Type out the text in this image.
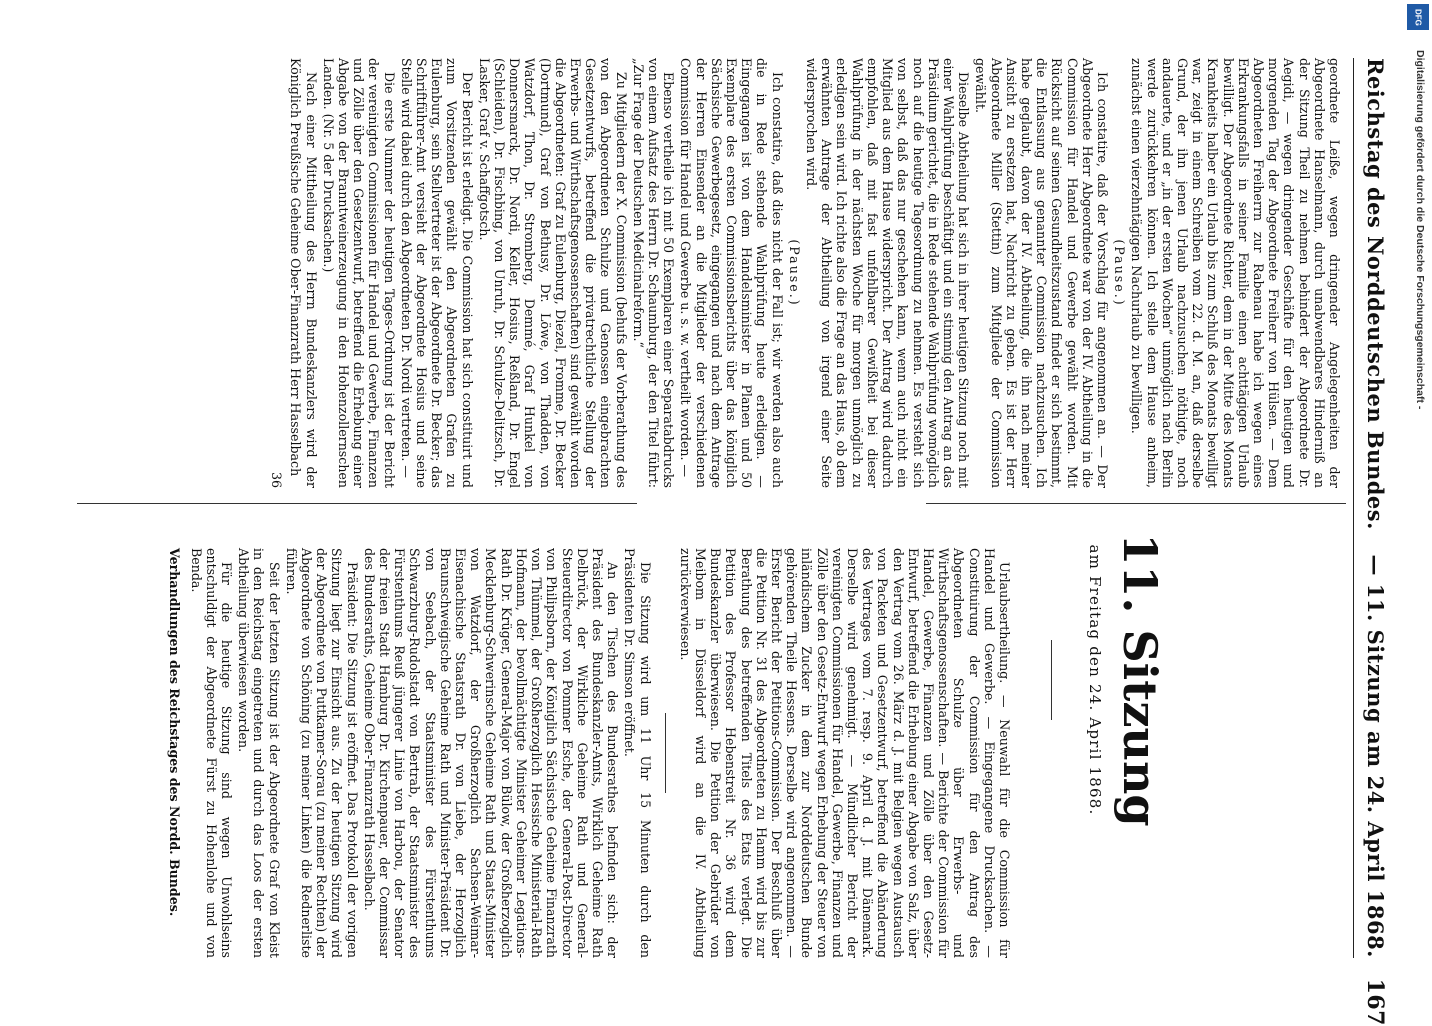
Reichstag des Norddeutschen Bundes.
— 11. Sitzung am 24. April 1868.
167
11. Sitzung
am Freitag den 24. April 1868.

Urlaubsertheilung. — Neuwahl für die Commission für Handel und Gewerbe. — Eingegangene Drucksachen. — Constituirung der Commission für den Antrag des Abgeordneten Schulze über Erwerbs- und Wirthschaftsgenossenschaften. — Berichte der Commission für Handel, Gewerbe, Finanzen und Zölle über den Gesetz-Entwurf, betreffend die Erhebung einer Abgabe von Salz, über den Vertrag vom 26. März d. J. mit Belgien wegen Austausch von Packeten und Gesetzentwurf, betreffend die Abänderung des Vertrages vom 7. resp. 9. April d. J. mit Dänemark. Derselbe wird genehmigt. — Mündlicher Bericht der vereinigten Commissionen für Handel, Gewerbe, Finanzen und Zölle über den Gesetz-Entwurf wegen Erhebung der Steuer von inländischem Zucker in dem zur Norddeutschen Bunde gehörenden Theile Hessens. Derselbe wird angenommen. — Erster Bericht der Petitions-Commission. Der Beschluß über die Petition Nr. 31 des Abgeordneten zu Hamm wird bis zur Berathung des betreffenden Titels des Etats verlegt. Die Petition des Professor Hebenstreit Nr. 36 wird dem Bundeskanzler überwiesen. Die Petition der Gebrüder von Meibom in Düsseldorf wird an die IV. Abtheilung zurückverwiesen.

Die Sitzung wird um 11 Uhr 15 Minuten durch den Präsidenten Dr. Simson eröffnet.

An den Tischen des Bundesrathes befinden sich: der Präsident des Bundeskanzler-Amts, Wirklich Geheime Rath Delbrück, der Wirkliche Geheime Rath und General-Steuerdirector von Pommer Esche, der General-Post-Director von Philipsborn, der Königlich Sächsische Geheime Finanzrath von Thümmel, der Großherzoglich Hessische Ministerial-Rath Hofmann, der bevollmächtigte Minister Geheimer Legations-Rath Dr. Krüger, General-Major von Bülow, der Großherzoglich Mecklenburg-Schwerinsche Geheime Rath und Staats-Minister von Watzdorf, der Großherzoglich Sachsen-Weimar-Eisenachische Staatsrath Dr. von Liebe, der Herzoglich Braunschweigische Geheime Rath und Minister-Präsident Dr. von Seebach, der Staatsminister des Fürstenthums Schwarzburg-Rudolstadt von Bertrab, der Staatsminister des Fürstenthums Reuß jüngerer Linie von Harbou, der Senator der freien Stadt Hamburg Dr. Kirchenpauer, der Commissar des Bundesraths, Geheime Ober-Finanzrath Hasselbach.

Präsident: Die Sitzung ist eröffnet. Das Protokoll der vorigen Sitzung liegt zur Einsicht aus. Zu der heutigen Sitzung wird der Abgeordnete von Puttkamer-Sorau (zu meiner Rechten) der Abgeordnete von Schöning (zu meiner Linken) die Rednerliste führen.

Seit der letzten Sitzung ist der Abgeordnete Graf von Kleist in den Reichstag eingetreten und durch das Loos der ersten Abtheilung überwiesen worden.

Für die heutige Sitzung sind wegen Unwohlseins entschuldigt der Abgeordnete Fürst zu Hohenlohe und von Benda.

Verhandlungen des Reichstages des Nordd. Bundes.

geordnete Leiße, wegen dringender Angelegenheiten der Abgeordnete Hanselmann, durch unabwendbares Hinderniß an der Sitzung Theil zu nehmen behindert der Abgeordnete Dr. Aegidi, — wegen dringender Geschäfte für den heutigen und morgenden Tag der Abgeordnete Freiherr von Hülsen. — Dem Abgeordneten Freiherrn zur Rabenau habe ich wegen eines Erkrankungsfalls in seiner Familie einen achttägigen Urlaub bewilligt. Der Abgeordnete Richter, dem in der Mitte des Monats Krankheits halber ein Urlaub bis zum Schluß des Monats bewilligt war, zeigt in einem Schreiben vom 22. d. M. an, daß derselbe Grund, der ihn jenen Urlaub nachzusuchen nöthigte, noch andauerte, und er „in der ersten Wochen“ unmöglich nach Berlin werde zurückkehren können. Ich stelle dem Hause anheim, zunächst einen vierzehntägigen Nachurlaub zu bewilligen.

(Pause.)

Ich constatire, daß der Vorschlag für angenommen an. — Der Abgeordnete Herr Abgeordnete war von der IV. Abtheilung in die Commission für Handel und Gewerbe gewählt worden. Mit Rücksicht auf seinen Gesundheitszustand findet er sich bestimmt, die Entlassung aus genannter Commission nachzusuchen. Ich habe geglaubt, davon der IV. Abtheilung, die ihn nach meiner Ansicht zu ersetzen hat, Nachricht zu geben. Es ist der Herr Abgeordnete Miller (Stettin) zum Mitgliede der Commission gewählt.

Dieselbe Abtheilung hat sich in ihrer heutigen Sitzung noch mit einer Wahlprüfung beschäftigt und ein stimmig den Antrag an das Präsidium gerichtet, die in Rede stehende Wahlprüfung womöglich noch auf die heutige Tagesordnung zu nehmen. Es versteht sich von selbst, daß das nur geschehen kann, wenn auch nicht ein Mitglied aus dem Hause widerspricht. Der Antrag wird dadurch empfohlen, daß mit fast unfehlbarer Gewißheit bei dieser Wahlprüfung in der nächsten Woche für morgen unmöglich zu erledigen sein wird. Ich richte also die Frage an das Haus, ob dem erwähnten Antrage der Abtheilung von irgend einer Seite widersprochen wird.

(Pause.)

Ich constatire, daß dies nicht der Fall ist; wir werden also auch die in Rede stehende Wahlprüfung heute erledigen. — Eingegangen ist von dem Handelsminister in Planen und 50 Exemplare des ersten Commissionsberichts über das königlich Sächsische Gewerbegesetz, eingegangen und nach dem Antrage der Herren Einsender an die Mitglieder der verschiedenen Commission für Handel und Gewerbe u. s. w. vertheilt worden. —

Ebenso vertheile ich mit 50 Exemplaren einer Separatabdrucks von einem Aufsatz des Herrn Dr. Schaumburg, der den Titel führt: „Zur Frage der Deutschen Medicinalreform.“

Zu Mitgliedern der X. Commission (behufs der Vorberathung des von den Abgeordneten Schulze und Genossen eingebrachten Gesetzentwurfs, betreffend die privatrechtliche Stellung der Erwerbs- und Wirthschaftsgenossenschaften) sind gewählt worden die Abgeordneten: Graf zu Eulenburg, Diezel, Fromme, Dr. Becker (Dortmund), Graf von Bethusy, Dr. Löwe, von Thadden, von Watzdorf, Thon, Dr. Stromberg, Demmé, Graf Hunkel von Donnersmarck, Dr. Nordi, Keller, Hosius, Reßland, Dr. Engel (Schleiden), Dr. Fischbing, von Unruh, Dr. Schulze-Delitzsch, Dr. Lasker, Graf v. Schaffgotsch.

Der Bericht ist erledigt. Die Commission hat sich constituirt und zum Vorsitzenden gewählt den Abgeordneten Grafen zu Eulenburg, sein Stellvertreter ist der Abgeordnete Dr. Becker; das Schriftführer-Amt versieht der Abgeordnete Hosius und seine Stelle wird dabei durch den Abgeordneten Dr. Nordi vertreten. —

Die erste Nummer der heutigen Tages-Ordnung ist der Bericht der vereinigten Commissionen für Handel und Gewerbe, Finanzen und Zölle über den Gesetzentwurf, betreffend die Erhebung einer Abgabe von der Branntweinerzeugung in den Hohenzollernschen Landen. (Nr. 5 der Drucksachen.)

Nach einer Mittheilung des Herrn Bundeskanzlers wird der Königlich Preußische Geheime Ober-Finanzrath Herr Hasselbach

36

DFG
Digitalisierung gefördert durch die Deutsche Forschungsgemeinschaft -
